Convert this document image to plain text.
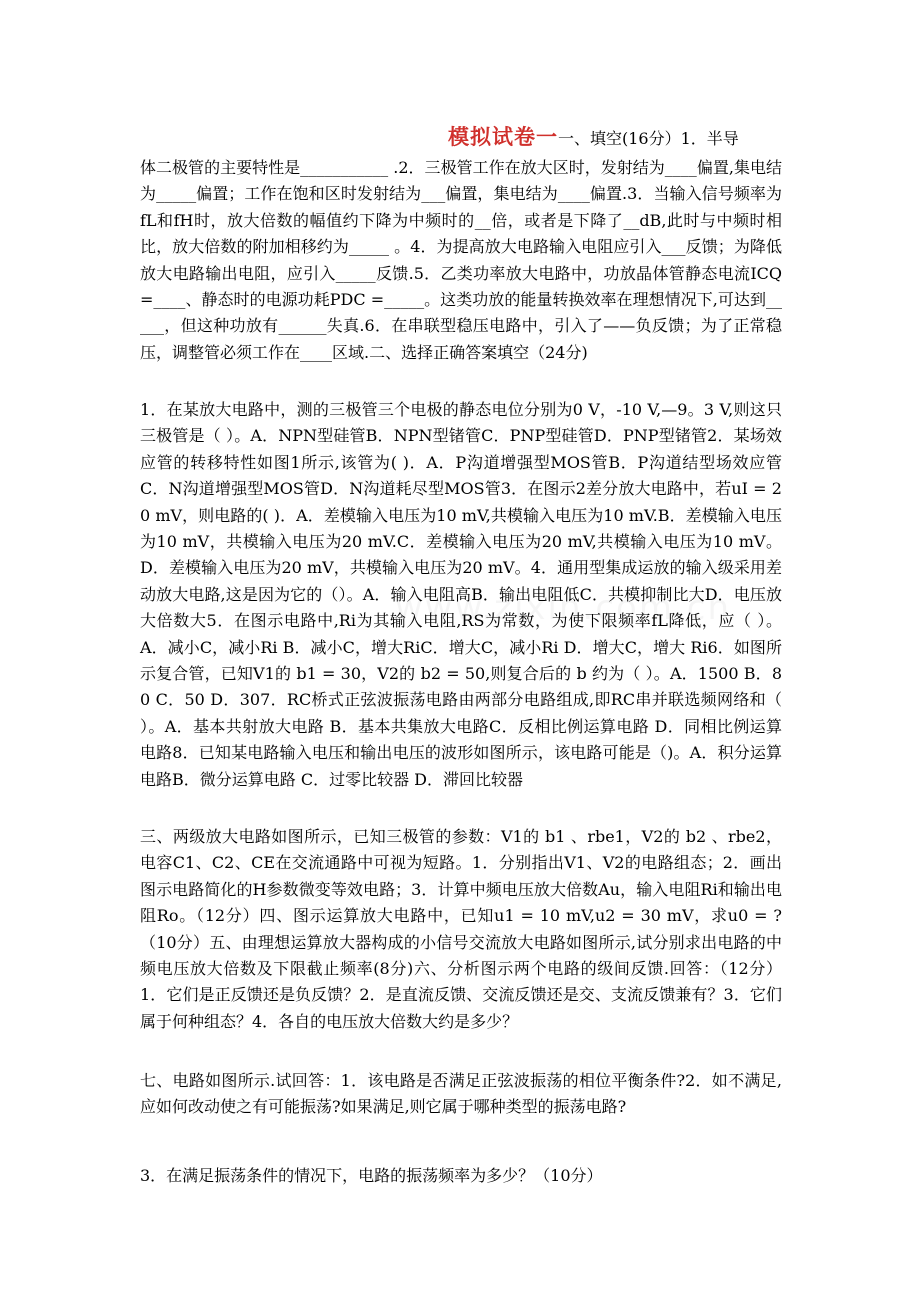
模拟试卷一一、填空(16分）1．半导

体二极管的主要特性是___________ .2．三极管工作在放大区时，发射结为____偏置,集电结为_____偏置；工作在饱和区时发射结为___偏置，集电结为____偏置.3．当输入信号频率为fL和fH时，放大倍数的幅值约下降为中频时的__倍，或者是下降了__dB,此时与中频时相比，放大倍数的附加相移约为_____ 。4．为提高放大电路输入电阻应引入___反馈；为降低放大电路输出电阻，应引入_____反馈.5．乙类功率放大电路中，功放晶体管静态电流ICQ =____、静态时的电源功耗PDC =_____。这类功放的能量转换效率在理想情况下,可达到_____，但这种功放有______失真.6．在串联型稳压电路中，引入了——负反馈；为了正常稳压，调整管必须工作在____区域.二、选择正确答案填空（24分)

1．在某放大电路中，测的三极管三个电极的静态电位分别为0 V，-10 V,—9。3 V,则这只三极管是（ ）。A．NPN型硅管B．NPN型锗管C．PNP型硅管D．PNP型锗管2．某场效应管的转移特性如图1所示,该管为( )．A．P沟道增强型MOS管B．P沟道结型场效应管C．N沟道增强型MOS管D．N沟道耗尽型MOS管3．在图示2差分放大电路中，若uI = 20 mV，则电路的( )．A．差模输入电压为10 mV,共模输入电压为10 mV.B．差模输入电压为10 mV，共模输入电压为20 mV.C．差模输入电压为20 mV,共模输入电压为10 mV。D．差模输入电压为20 mV，共模输入电压为20 mV。4．通用型集成运放的输入级采用差动放大电路,这是因为它的（）。A．输入电阻高B．输出电阻低C．共模抑制比大D．电压放大倍数大5．在图示电路中,Ri为其输入电阻,RS为常数，为使下限频率fL降低，应（ ）。A．减小C，减小Ri B．减小C，增大RiC．增大C，减小Ri D．增大C，增大 Ri6．如图所示复合管，已知V1的 b1 = 30，V2的 b2 = 50,则复合后的 b 约为（ ）。A．1500 B．80 C．50 D．307．RC桥式正弦波振荡电路由两部分电路组成,即RC串并联选频网络和（ ）。A．基本共射放大电路 B．基本共集放大电路C．反相比例运算电路 D．同相比例运算电路8．已知某电路输入电压和输出电压的波形如图所示，该电路可能是（)。A．积分运算电路B．微分运算电路 C．过零比较器 D．滞回比较器

三、两级放大电路如图所示，已知三极管的参数：V1的 b1 、rbe1，V2的 b2 、rbe2，电容C1、C2、CE在交流通路中可视为短路。1．分别指出V1、V2的电路组态；2．画出图示电路简化的H参数微变等效电路；3．计算中频电压放大倍数Au，输入电阻Ri和输出电阻Ro。（12分）四、图示运算放大电路中，已知u1 = 10 mV,u2 = 30 mV，求u0 = ?（10分）五、由理想运算放大器构成的小信号交流放大电路如图所示,试分别求出电路的中频电压放大倍数及下限截止频率(8分)六、分析图示两个电路的级间反馈.回答：（12分）1．它们是正反馈还是负反馈？2．是直流反馈、交流反馈还是交、支流反馈兼有？3．它们属于何种组态？4．各自的电压放大倍数大约是多少？

七、电路如图所示.试回答：1．该电路是否满足正弦波振荡的相位平衡条件?2．如不满足,应如何改动使之有可能振荡?如果满足,则它属于哪种类型的振荡电路?

3．在满足振荡条件的情况下，电路的振荡频率为多少？（10分）
